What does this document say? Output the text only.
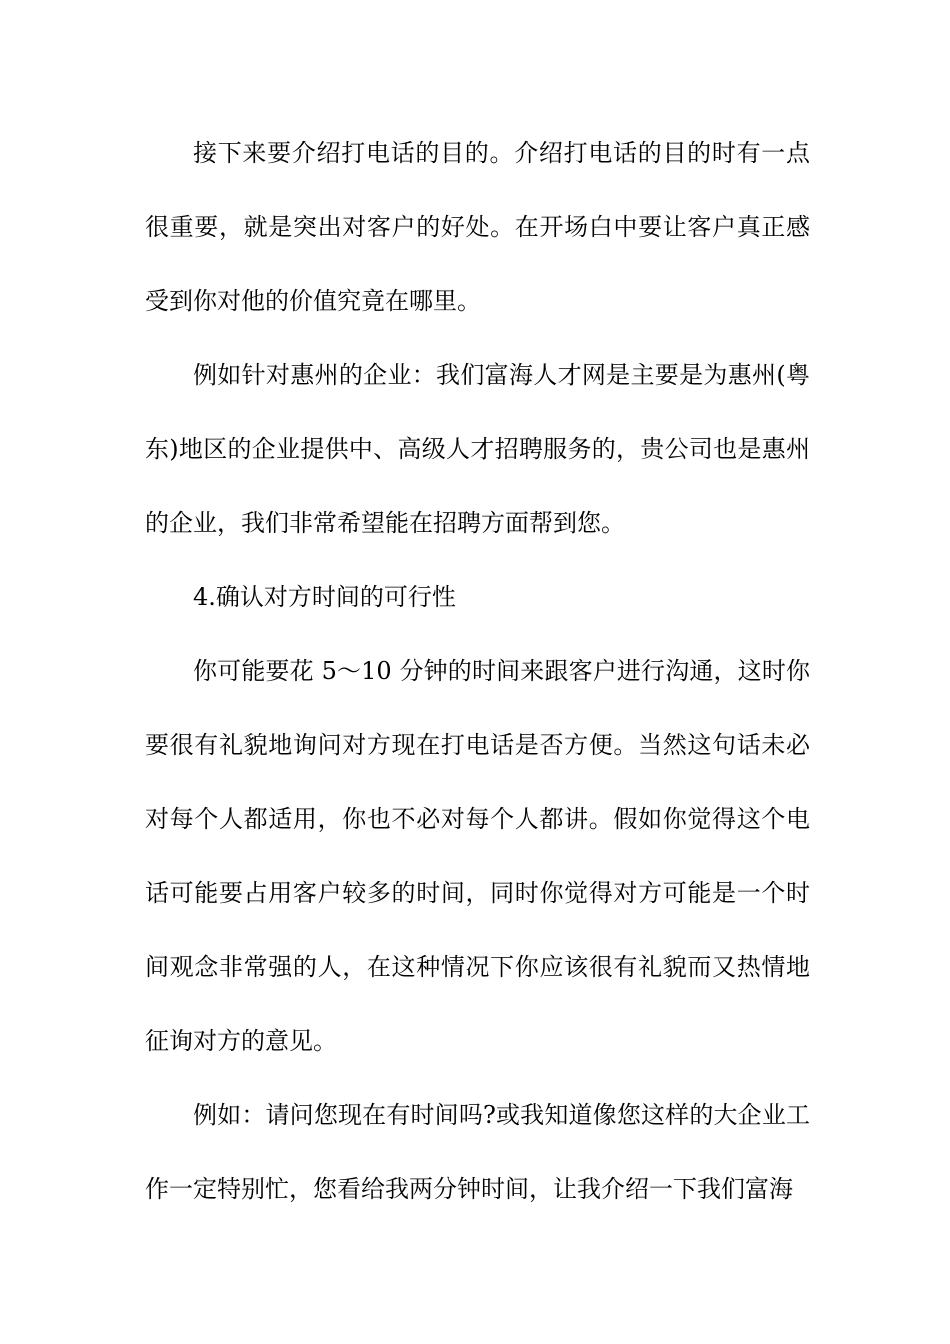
接下来要介绍打电话的目的。介绍打电话的目的时有一点很重要，就是突出对客户的好处。在开场白中要让客户真正感受到你对他的价值究竟在哪里。

例如针对惠州的企业：我们富海人才网是主要是为惠州(粤东)地区的企业提供中、高级人才招聘服务的，贵公司也是惠州的企业，我们非常希望能在招聘方面帮到您。

4.确认对方时间的可行性

你可能要花 5～10 分钟的时间来跟客户进行沟通，这时你要很有礼貌地询问对方现在打电话是否方便。当然这句话未必对每个人都适用，你也不必对每个人都讲。假如你觉得这个电话可能要占用客户较多的时间，同时你觉得对方可能是一个时间观念非常强的人，在这种情况下你应该很有礼貌而又热情地征询对方的意见。

例如：请问您现在有时间吗?或我知道像您这样的大企业工作一定特别忙，您看给我两分钟时间，让我介绍一下我们富海
